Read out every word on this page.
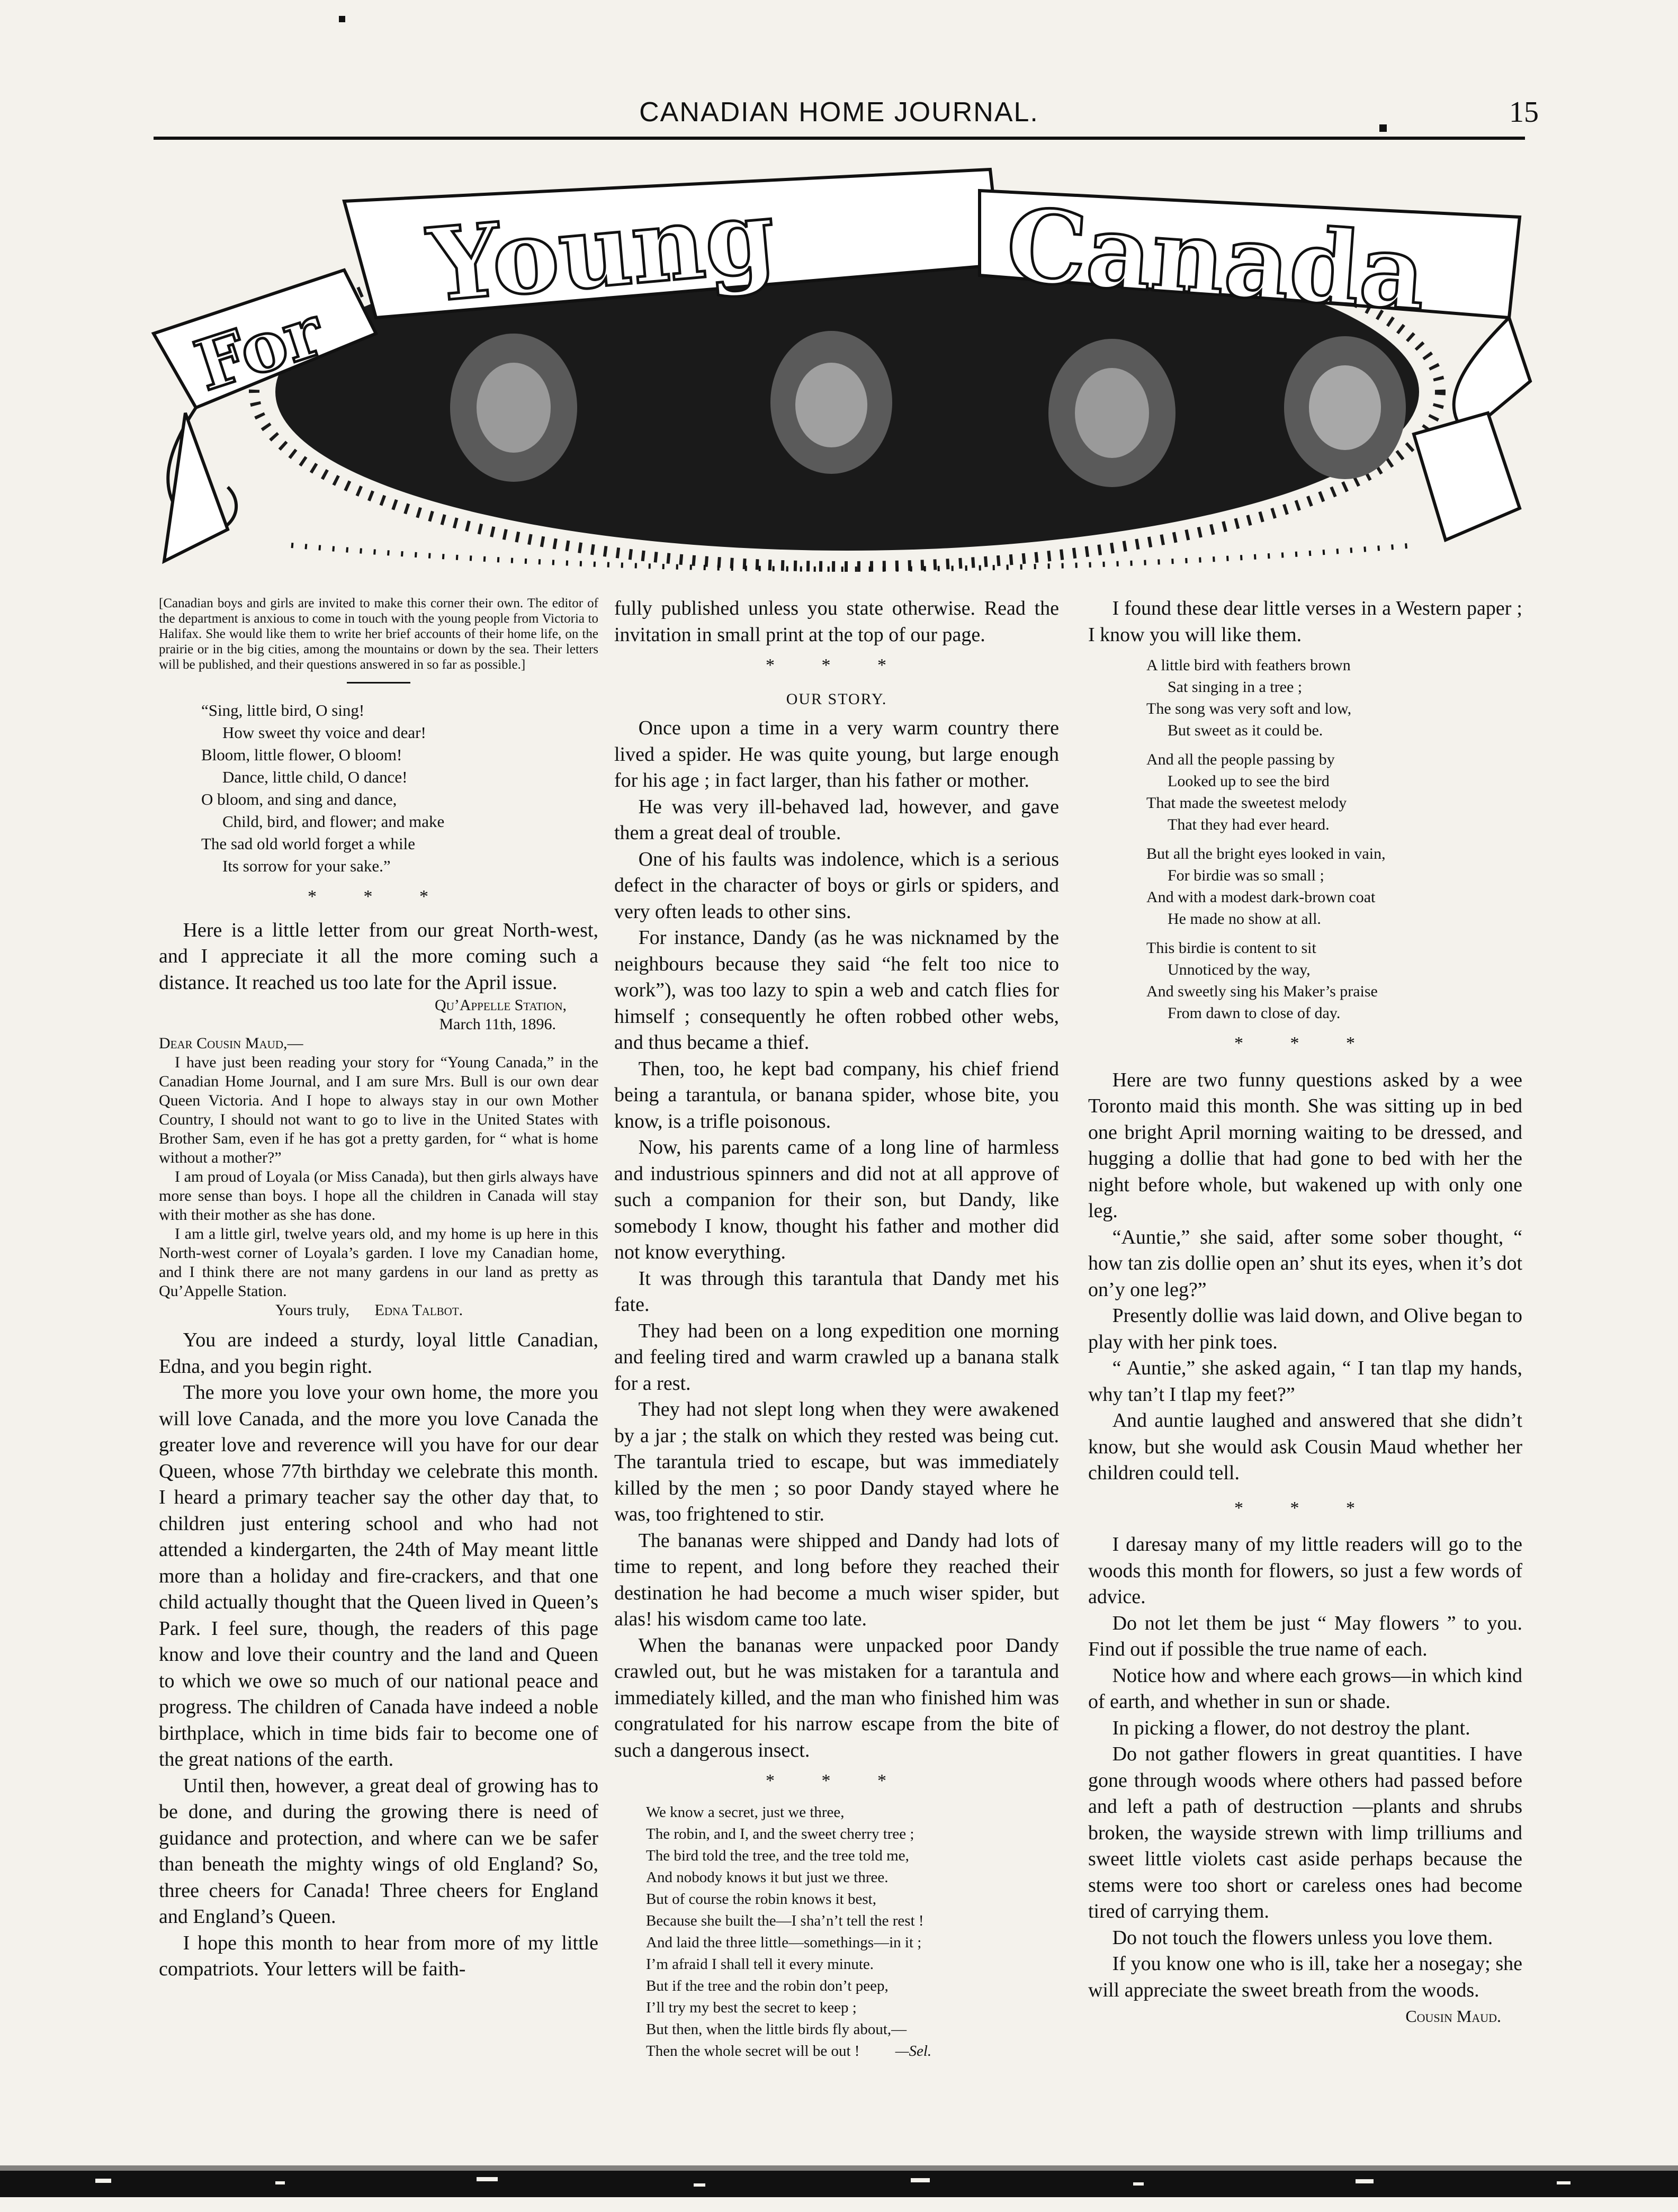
CANADIAN HOME JOURNAL.	15
For
Young Canada

[Canadian boys and girls are invited to make this corner their own. The editor of the department is anxious to come in touch with the young people from Victoria to Halifax. She would like them to write her brief accounts of their home life, on the prairie or in the big cities, among the mountains or down by the sea. Their letters will be published, and their questions answered in so far as possible.]

“Sing, little bird, O sing!
How sweet thy voice and dear!
Bloom, little flower, O bloom!
Dance, little child, O dance!
O bloom, and sing and dance,
Child, bird, and flower; and make
The sad old world forget a while
Its sorrow for your sake.”
* * *

Here is a little letter from our great North-west, and I appreciate it all the more coming such a distance. It reached us too late for the April issue.

Qu’Appelle Station,
March 11th, 1896.
Dear Cousin Maud,—

I have just been reading your story for “Young Canada,” in the Canadian Home Journal, and I am sure Mrs. Bull is our own dear Queen Victoria. And I hope to always stay in our own Mother Country, I should not want to go to live in the United States with Brother Sam, even if he has got a pretty garden, for “ what is home without a mother?”

I am proud of Loyala (or Miss Canada), but then girls always have more sense than boys. I hope all the children in Canada will stay with their mother as she has done.

I am a little girl, twelve years old, and my home is up here in this North-west corner of Loyala’s garden. I love my Canadian home, and I think there are not many gardens in our land as pretty as Qu’Appelle Station.

Yours truly, Edna Talbot.

You are indeed a sturdy, loyal little Canadian, Edna, and you begin right.

The more you love your own home, the more you will love Canada, and the more you love Canada the greater love and reverence will you have for our dear Queen, whose 77th birthday we celebrate this month. I heard a primary teacher say the other day that, to children just entering school and who had not attended a kindergarten, the 24th of May meant little more than a holiday and fire-crackers, and that one child actually thought that the Queen lived in Queen’s Park. I feel sure, though, the readers of this page know and love their country and the land and Queen to which we owe so much of our national peace and progress. The children of Canada have indeed a noble birthplace, which in time bids fair to become one of the great nations of the earth.

Until then, however, a great deal of growing has to be done, and during the growing there is need of guidance and protection, and where can we be safer than beneath the mighty wings of old England? So, three cheers for Canada! Three cheers for England and England’s Queen.

I hope this month to hear from more of my little compatriots. Your letters will be faith-

fully published unless you state otherwise. Read the invitation in small print at the top of our page.

* * *
OUR STORY.

Once upon a time in a very warm country there lived a spider. He was quite young, but large enough for his age ; in fact larger, than his father or mother.

He was very ill-behaved lad, however, and gave them a great deal of trouble.

One of his faults was indolence, which is a serious defect in the character of boys or girls or spiders, and very often leads to other sins.

For instance, Dandy (as he was nicknamed by the neighbours because they said “he felt too nice to work”), was too lazy to spin a web and catch flies for himself ; consequently he often robbed other webs, and thus became a thief.

Then, too, he kept bad company, his chief friend being a tarantula, or banana spider, whose bite, you know, is a trifle poisonous.

Now, his parents came of a long line of harmless and industrious spinners and did not at all approve of such a companion for their son, but Dandy, like somebody I know, thought his father and mother did not know everything.

It was through this tarantula that Dandy met his fate.

They had been on a long expedition one morning and feeling tired and warm crawled up a banana stalk for a rest.

They had not slept long when they were awakened by a jar ; the stalk on which they rested was being cut. The tarantula tried to escape, but was immediately killed by the men ; so poor Dandy stayed where he was, too frightened to stir.

The bananas were shipped and Dandy had lots of time to repent, and long before they reached their destination he had become a much wiser spider, but alas! his wisdom came too late.

When the bananas were unpacked poor Dandy crawled out, but he was mistaken for a tarantula and immediately killed, and the man who finished him was congratulated for his narrow escape from the bite of such a dangerous insect.

* * *
We know a secret, just we three,
The robin, and I, and the sweet cherry tree ;
The bird told the tree, and the tree told me,
And nobody knows it but just we three.
But of course the robin knows it best,
Because she built the—I sha’n’t tell the rest !
And laid the three little—somethings—in it ;
I’m afraid I shall tell it every minute.
But if the tree and the robin don’t peep,
I’ll try my best the secret to keep ;
But then, when the little birds fly about,—
Then the whole secret will be out ! —Sel.

I found these dear little verses in a Western paper ; I know you will like them.

A little bird with feathers brown
Sat singing in a tree ;
The song was very soft and low,
But sweet as it could be.
And all the people passing by
Looked up to see the bird
That made the sweetest melody
That they had ever heard.
But all the bright eyes looked in vain,
For birdie was so small ;
And with a modest dark-brown coat
He made no show at all.
This birdie is content to sit
Unnoticed by the way,
And sweetly sing his Maker’s praise
From dawn to close of day.
* * *

Here are two funny questions asked by a wee Toronto maid this month. She was sitting up in bed one bright April morning waiting to be dressed, and hugging a dollie that had gone to bed with her the night before whole, but wakened up with only one leg.

“Auntie,” she said, after some sober thought, “ how tan zis dollie open an’ shut its eyes, when it’s dot on’y one leg?”

Presently dollie was laid down, and Olive began to play with her pink toes.

“ Auntie,” she asked again, “ I tan tlap my hands, why tan’t I tlap my feet?”

And auntie laughed and answered that she didn’t know, but she would ask Cousin Maud whether her children could tell.

* * *

I daresay many of my little readers will go to the woods this month for flowers, so just a few words of advice.

Do not let them be just “ May flowers ” to you. Find out if possible the true name of each.

Notice how and where each grows—in which kind of earth, and whether in sun or shade.

In picking a flower, do not destroy the plant.

Do not gather flowers in great quantities. I have gone through woods where others had passed before and left a path of destruction —plants and shrubs broken, the wayside strewn with limp trilliums and sweet little violets cast aside perhaps because the stems were too short or careless ones had become tired of carrying them.

Do not touch the flowers unless you love them.

If you know one who is ill, take her a nosegay; she will appreciate the sweet breath from the woods.

Cousin Maud.
